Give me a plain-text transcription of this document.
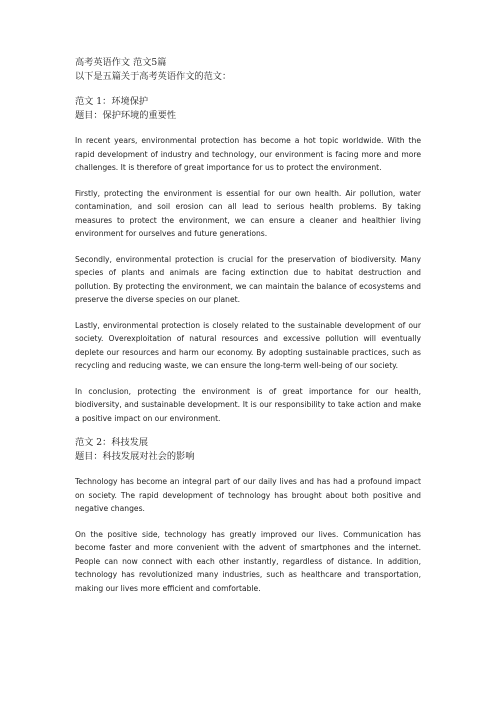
高考英语作文 范文5篇

以下是五篇关于高考英语作文的范文：

范文 1：环境保护

题目：保护环境的重要性

In recent years, environmental protection has become a hot topic worldwide. With the rapid development of industry and technology, our environment is facing more and more challenges. It is therefore of great importance for us to protect the environment.

Firstly, protecting the environment is essential for our own health. Air pollution, water contamination, and soil erosion can all lead to serious health problems. By taking measures to protect the environment, we can ensure a cleaner and healthier living environment for ourselves and future generations.

Secondly, environmental protection is crucial for the preservation of biodiversity. Many species of plants and animals are facing extinction due to habitat destruction and pollution. By protecting the environment, we can maintain the balance of ecosystems and preserve the diverse species on our planet.

Lastly, environmental protection is closely related to the sustainable development of our society. Overexploitation of natural resources and excessive pollution will eventually deplete our resources and harm our economy. By adopting sustainable practices, such as recycling and reducing waste, we can ensure the long-term well-being of our society.

In conclusion, protecting the environment is of great importance for our health, biodiversity, and sustainable development. It is our responsibility to take action and make a positive impact on our environment.

范文 2：科技发展

题目：科技发展对社会的影响

Technology has become an integral part of our daily lives and has had a profound impact on society. The rapid development of technology has brought about both positive and negative changes.

On the positive side, technology has greatly improved our lives. Communication has become faster and more convenient with the advent of smartphones and the internet. People can now connect with each other instantly, regardless of distance. In addition, technology has revolutionized many industries, such as healthcare and transportation, making our lives more efficient and comfortable.
